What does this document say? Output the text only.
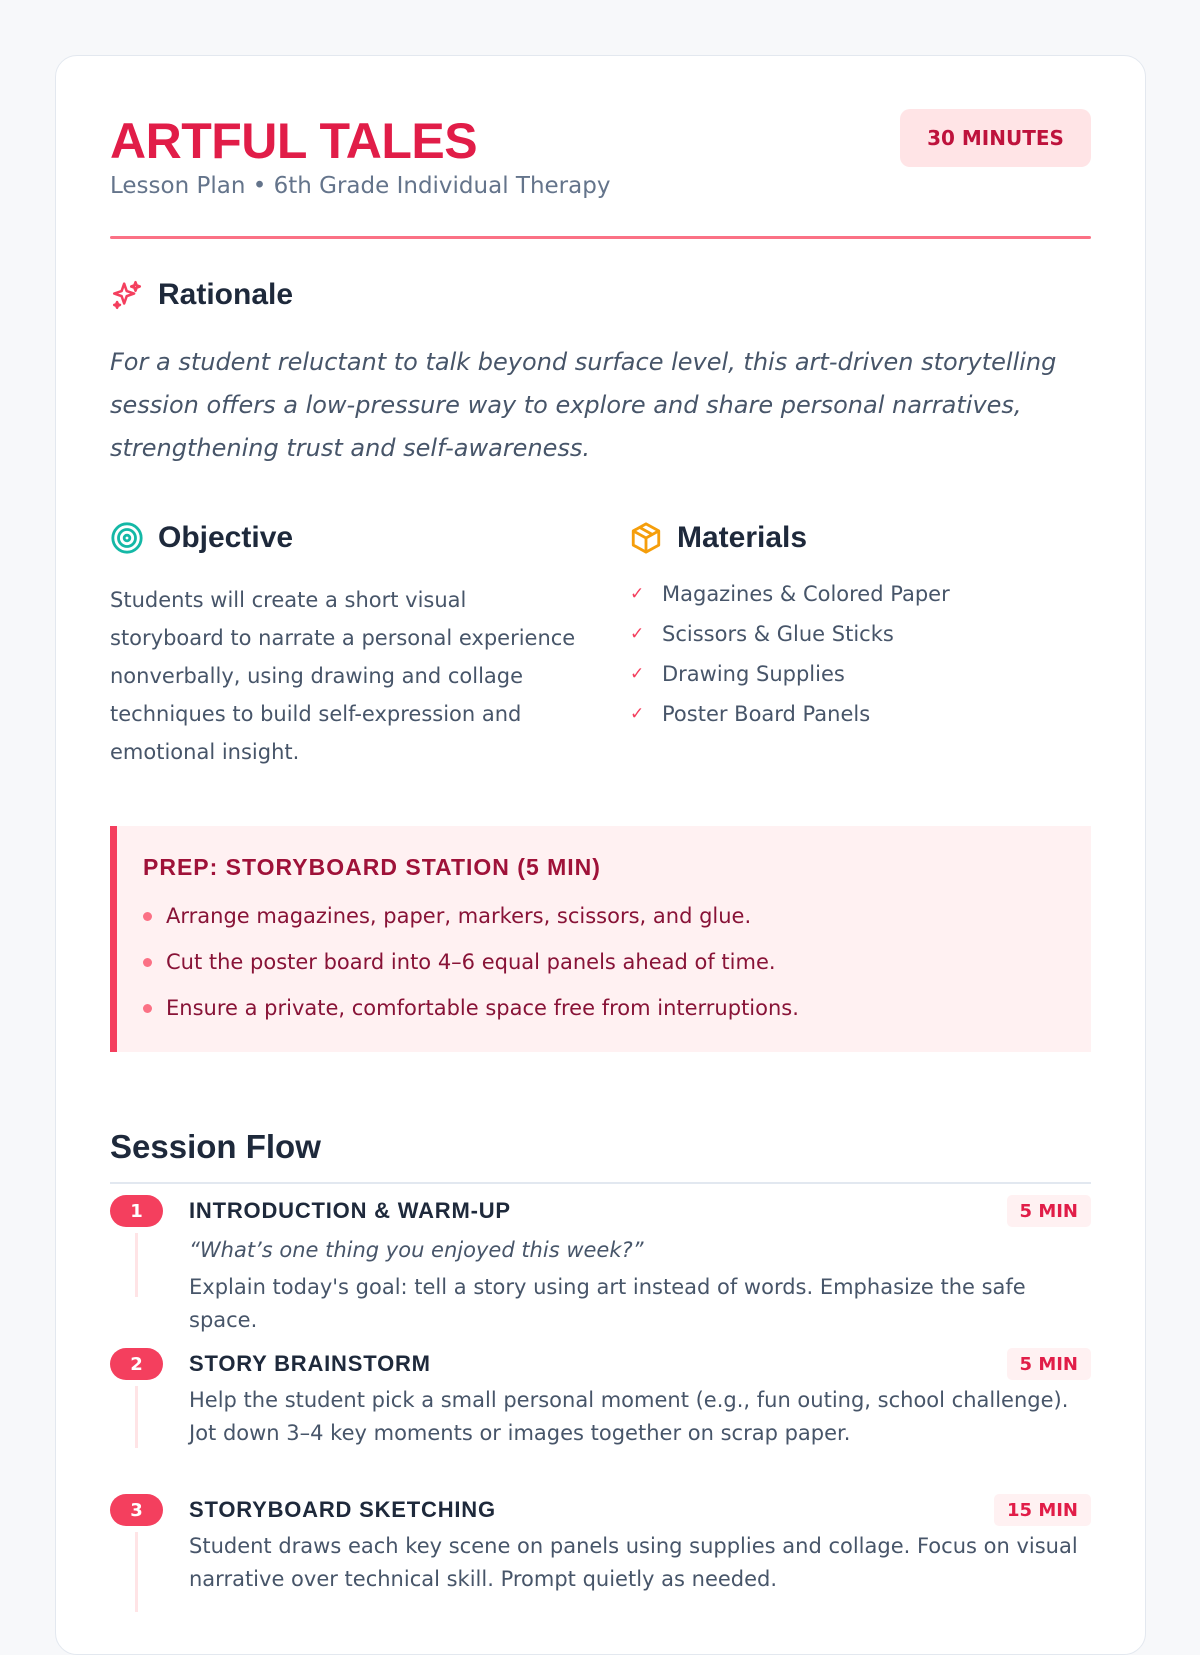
ARTFUL TALES
Lesson Plan • 6th Grade Individual Therapy
30 MINUTES
Rationale

For a student reluctant to talk beyond surface level, this art-driven storytelling session offers a low-pressure way to explore and share personal narratives, strengthening trust and self-awareness.

Objective

Students will create a short visual storyboard to narrate a personal experience nonverbally, using drawing and collage techniques to build self-expression and emotional insight.

Materials
✓ Magazines & Colored Paper
✓ Scissors & Glue Sticks
✓ Drawing Supplies
✓ Poster Board Panels
PREP: STORYBOARD STATION (5 MIN)
Arrange magazines, paper, markers, scissors, and glue.
Cut the poster board into 4–6 equal panels ahead of time.
Ensure a private, comfortable space free from interruptions.
Session Flow
1	INTRODUCTION & WARM-UP	5 MIN
“What’s one thing you enjoyed this week?”
Explain today's goal: tell a story using art instead of words. Emphasize the safe space.
2	STORY BRAINSTORM	5 MIN
Help the student pick a small personal moment (e.g., fun outing, school challenge). Jot down 3–4 key moments or images together on scrap paper.
3	STORYBOARD SKETCHING	15 MIN
Student draws each key scene on panels using supplies and collage. Focus on visual narrative over technical skill. Prompt quietly as needed.
